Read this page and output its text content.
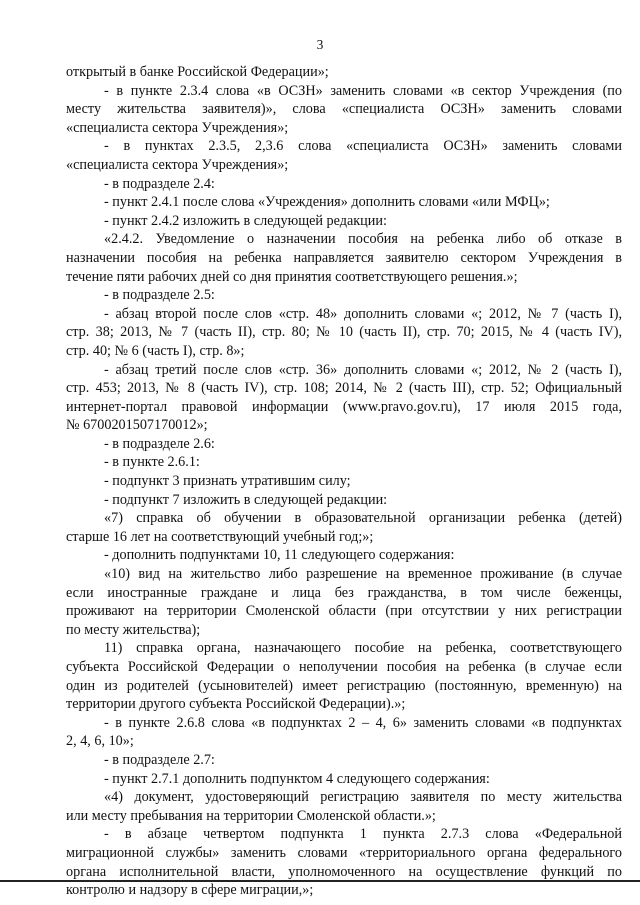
3
открытый в банке Российской Федерации»;
- в пункте 2.3.4 слова «в ОСЗН» заменить словами «в сектор Учреждения (по
месту жительства заявителя)», слова «специалиста ОСЗН» заменить словами
«специалиста сектора Учреждения»;
- в пунктах 2.3.5, 2,3.6 слова «специалиста ОСЗН» заменить словами
«специалиста сектора Учреждения»;
- в подразделе 2.4:
- пункт 2.4.1 после слова «Учреждения» дополнить словами «или МФЦ»;
- пункт 2.4.2 изложить в следующей редакции:
«2.4.2. Уведомление о назначении пособия на ребенка либо об отказе в
назначении пособия на ребенка направляется заявителю сектором Учреждения в
течение пяти рабочих дней со дня принятия соответствующего решения.»;
- в подразделе 2.5:
- абзац второй после слов «стр. 48» дополнить словами «; 2012, № 7 (часть I),
стр. 38; 2013, № 7 (часть II), стр. 80; № 10 (часть II), стр. 70; 2015, № 4 (часть IV),
стр. 40; № 6 (часть I), стр. 8»;
- абзац третий после слов «стр. 36» дополнить словами «; 2012, № 2 (часть I),
стр. 453; 2013, № 8 (часть IV), стр. 108; 2014, № 2 (часть III), стр. 52; Официальный
интернет-портал правовой информации (www.pravo.gov.ru), 17 июля 2015 года,
№ 6700201507170012»;
- в подразделе 2.6:
- в пункте 2.6.1:
- подпункт 3 признать утратившим силу;
- подпункт 7 изложить в следующей редакции:
«7) справка об обучении в образовательной организации ребенка (детей)
старше 16 лет на соответствующий учебный год;»;
- дополнить подпунктами 10, 11 следующего содержания:
«10) вид на жительство либо разрешение на временное проживание (в случае
если иностранные граждане и лица без гражданства, в том числе беженцы,
проживают на территории Смоленской области (при отсутствии у них регистрации
по месту жительства);
11) справка органа, назначающего пособие на ребенка, соответствующего
субъекта Российской Федерации о неполучении пособия на ребенка (в случае если
один из родителей (усыновителей) имеет регистрацию (постоянную, временную) на
территории другого субъекта Российской Федерации).»;
- в пункте 2.6.8 слова «в подпунктах 2 – 4, 6» заменить словами «в подпунктах
2, 4, 6, 10»;
- в подразделе 2.7:
- пункт 2.7.1 дополнить подпунктом 4 следующего содержания:
«4) документ, удостоверяющий регистрацию заявителя по месту жительства
или месту пребывания на территории Смоленской области.»;
- в абзаце четвертом подпункта 1 пункта 2.7.3 слова «Федеральной
миграционной службы» заменить словами «территориального органа федерального
органа исполнительной власти, уполномоченного на осуществление функций по
контролю и надзору в сфере миграции,»;
